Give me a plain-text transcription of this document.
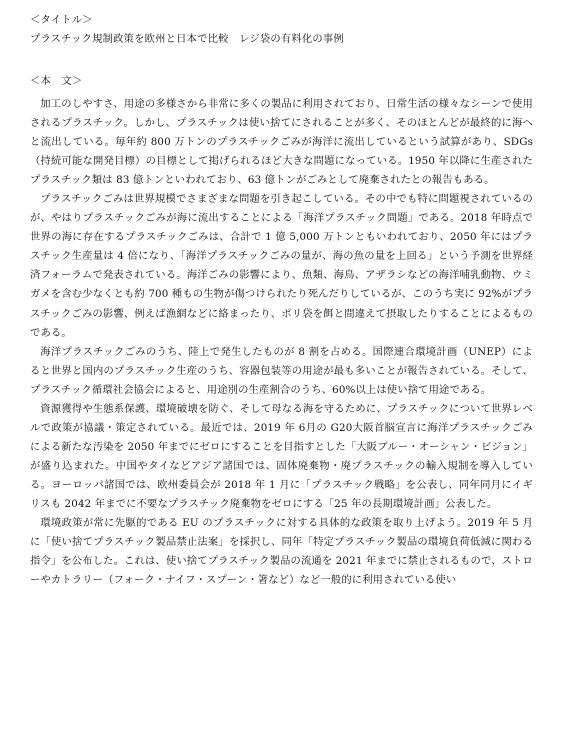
＜タイトル＞
プラスチック規制政策を欧州と日本で比較　レジ袋の有料化の事例
＜本　文＞

加工のしやすさ、用途の多様さから非常に多くの製品に利用されており、日常生活の様々なシーンで使用されるプラスチック。しかし、プラスチックは使い捨てにされることが多く、そのほとんどが最終的に海へと流出している。毎年約 800 万トンのプラスチックごみが海洋に流出しているという試算があり、SDGs（持続可能な開発目標）の目標として掲げられるほど大きな問題になっている。1950 年以降に生産されたプラスチック類は 83 億トンといわれており、63 億トンがごみとして廃棄されたとの報告もある。

プラスチックごみは世界規模でさまざまな問題を引き起こしている。その中でも特に問題視されているのが、やはりプラスチックごみが海に流出することによる「海洋プラスチック問題」である。2018 年時点で世界の海に存在するプラスチックごみは、合計で 1 億 5,000 万トンともいわれており、2050 年にはプラスチック生産量は 4 倍になり、「海洋プラスチックごみの量が、海の魚の量を上回る」という予測を世界経済フォーラムで発表されている。海洋ごみの影響により、魚類、海鳥、アザラシなどの海洋哺乳動物、ウミガメを含む少なくとも約 700 種もの生物が傷つけられたり死んだりしているが、このうち実に 92%がプラスチックごみの影響、例えば漁網などに絡まったり、ポリ袋を餌と間違えて摂取したりすることによるものである。

海洋プラスチックごみのうち、陸上で発生したものが 8 割を占める。国際連合環境計画（UNEP）によると世界と国内のプラスチック生産のうち、容器包装等の用途が最も多いことが報告されている。そして、プラスチック循環社会協会によると、用途別の生産割合のうち、60%以上は使い捨て用途である。

資源獲得や生態系保護、環境破壊を防ぐ、そして母なる海を守るために、プラスチックについて世界レベルで政策が協議・策定されている。最近では、2019 年 6月の G20大阪首脳宣言に海洋プラスチックごみによる新たな汚染を 2050 年までにゼロにすることを目指すとした「大阪ブルー・オーシャン・ビジョン」が盛り込まれた。中国やタイなどアジア諸国では、固体廃棄物・廃プラスチックの輸入規制を導入している。ヨーロッパ諸国では、欧州委員会が 2018 年 1 月に「プラスチック戦略」を公表し、同年同月にイギリスも 2042 年までに不要なプラスチック廃棄物をゼロにする「25 年の長期環境計画」公表した。

環境政策が常に先駆的である EU のプラスチックに対する具体的な政策を取り上げよう。2019 年 5 月 に「使い捨てプラスチック製品禁止法案」を採択し、同年「特定プラスチック製品の環境負荷低減に関わる指令」を公布した。これは、使い捨てプラスチック製品の流通を 2021 年までに禁止されるもので、ストローやカトラリー（フォーク・ナイフ・スプーン・箸など）など一般的に利用されている使い
